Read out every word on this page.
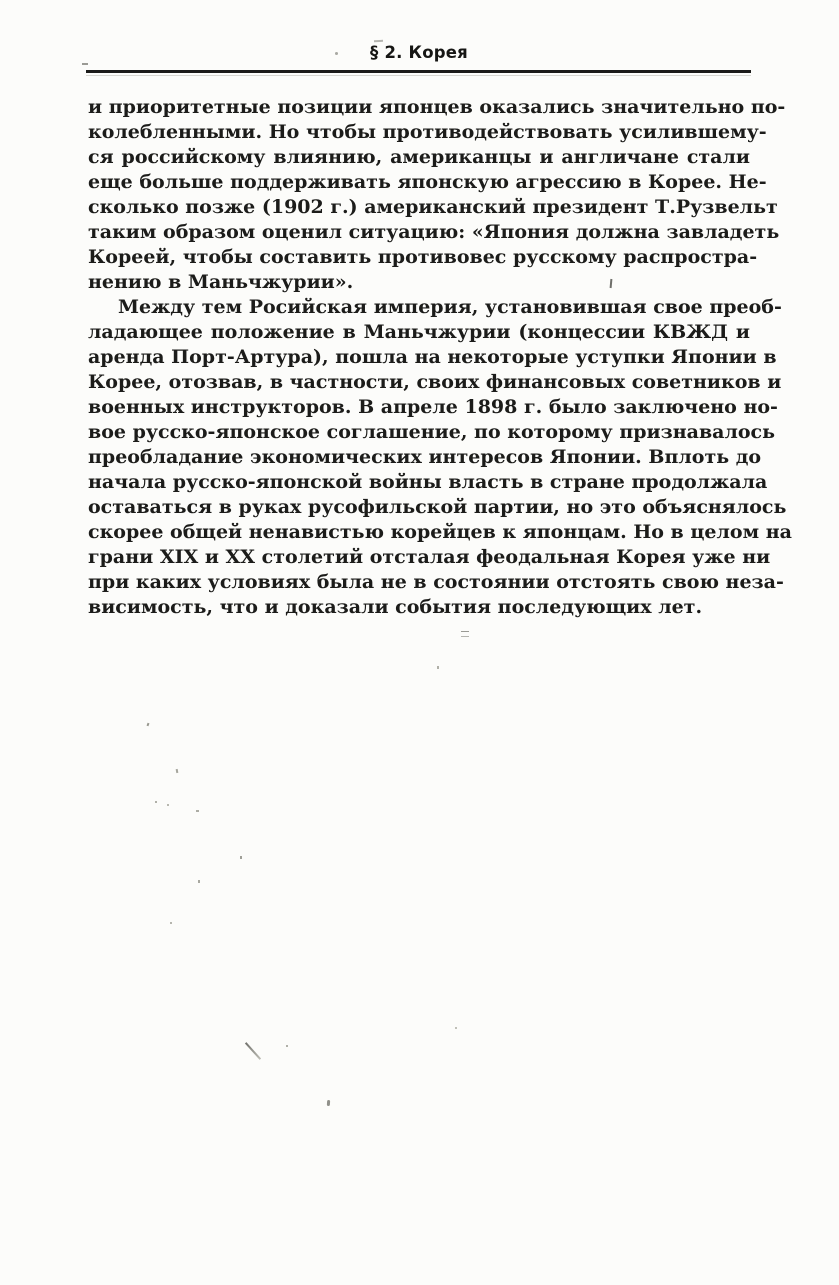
§ 2. Корея
и приоритетные позиции японцев оказались значительно по-
колебленными. Но чтобы противодействовать усилившему-
ся российскому влиянию, американцы и англичане стали
еще больше поддерживать японскую агрессию в Корее. Не-
сколько позже (1902 г.) американский президент Т.Рузвельт
таким образом оценил ситуацию: «Япония должна завладеть
Кореей, чтобы составить противовес русскому распростра-
нению в Маньчжурии».
Между тем Росийская империя, установившая свое преоб-
ладающее положение в Маньчжурии (концессии КВЖД и
аренда Порт-Артура), пошла на некоторые уступки Японии в
Корее, отозвав, в частности, своих финансовых советников и
военных инструкторов. В апреле 1898 г. было заключено но-
вое русско-японское соглашение, по которому признавалось
преобладание экономических интересов Японии. Вплоть до
начала русско-японской войны власть в стране продолжала
оставаться в руках русофильской партии, но это объяснялось
скорее общей ненавистью корейцев к японцам. Но в целом на
грани XIX и XX столетий отсталая феодальная Корея уже ни
при каких условиях была не в состоянии отстоять свою неза-
висимость, что и доказали события последующих лет.
